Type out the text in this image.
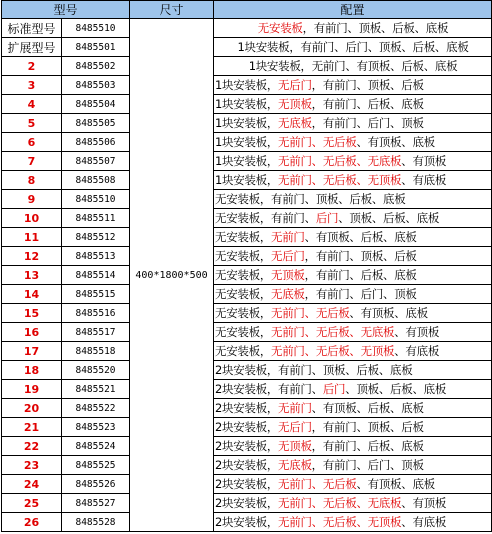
型号		尺寸	配置
标准型号	8485510	400*1800*500	无安装板，有前门、顶板、后板、底板
扩展型号	8485501		1块安装板，有前门、后门、顶板、后板、底板
2	8485502		1块安装板，无前门、有顶板、后板、底板
3	8485503		1块安装板，无后门，有前门、顶板、后板
4	8485504		1块安装板，无顶板，有前门、后板、底板
5	8485505		1块安装板，无底板，有前门、后门、顶板
6	8485506		1块安装板，无前门、无后板、有顶板、底板
7	8485507		1块安装板，无前门、无后板、无底板、有顶板
8	8485508		1块安装板，无前门、无后板、无顶板、有底板
9	8485510		无安装板，有前门、顶板、后板、底板
10	8485511		无安装板，有前门、后门、顶板、后板、底板
11	8485512		无安装板，无前门、有顶板、后板、底板
12	8485513		无安装板，无后门，有前门、顶板、后板
13	8485514		无安装板，无顶板，有前门、后板、底板
14	8485515		无安装板，无底板，有前门、后门、顶板
15	8485516		无安装板，无前门、无后板、有顶板、底板
16	8485517		无安装板，无前门、无后板、无底板、有顶板
17	8485518		无安装板，无前门、无后板、无顶板、有底板
18	8485520		2块安装板，有前门、顶板、后板、底板
19	8485521		2块安装板，有前门、后门、顶板、后板、底板
20	8485522		2块安装板，无前门、有顶板、后板、底板
21	8485523		2块安装板，无后门，有前门、顶板、后板
22	8485524		2块安装板，无顶板，有前门、后板、底板
23	8485525		2块安装板，无底板，有前门、后门、顶板
24	8485526		2块安装板，无前门、无后板、有顶板、底板
25	8485527		2块安装板，无前门、无后板、无底板、有顶板
26	8485528		2块安装板，无前门、无后板、无顶板、有底板
